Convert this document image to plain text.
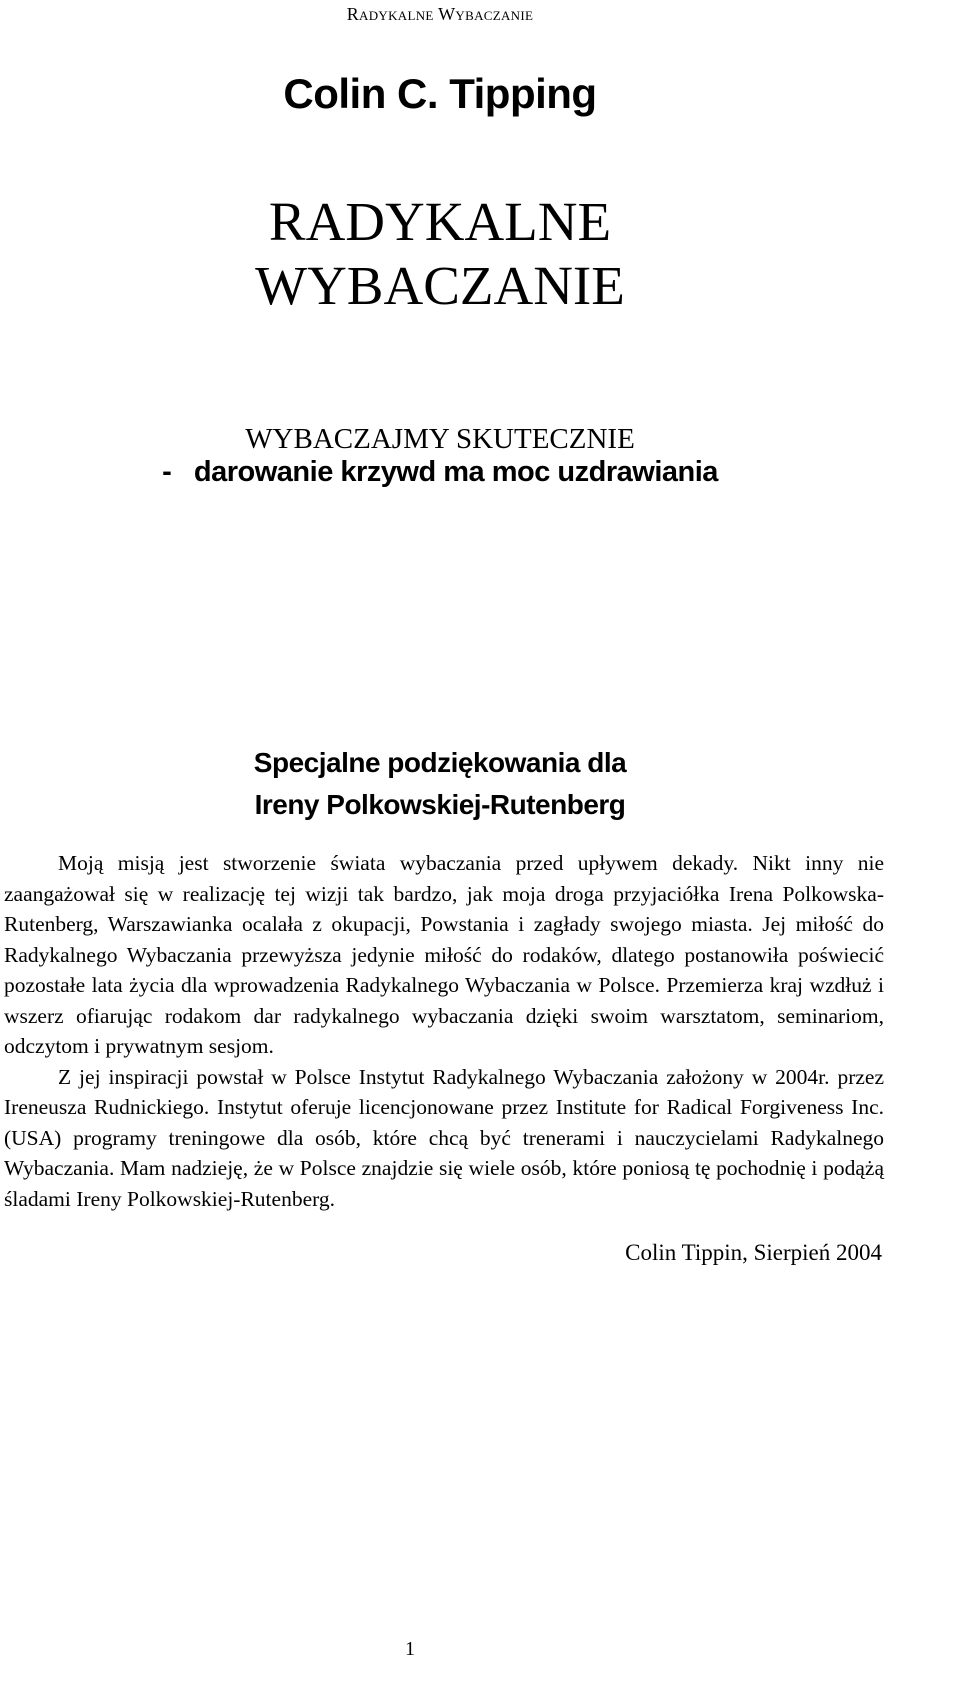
Radykalne Wybaczanie
Colin C. Tipping
RADYKALNE
WYBACZANIE
WYBACZAJMY SKUTECZNIE
-   darowanie krzywd ma moc uzdrawiania
Specjalne podziękowania dla
Ireny Polkowskiej-Rutenberg

Moją misją jest stworzenie świata wybaczania przed upływem dekady. Nikt inny nie zaangażował się w realizację tej wizji tak bardzo, jak moja droga przyjaciółka Irena Polkowska-Rutenberg, Warszawianka ocalała z okupacji, Powstania i zagłady swojego miasta. Jej miłość do Radykalnego Wybaczania przewyższa jedynie miłość do rodaków, dlatego postanowiła poświecić pozostałe lata życia dla wprowadzenia Radykalnego Wybaczania w Polsce. Przemierza kraj wzdłuż i wszerz ofiarując rodakom dar radykalnego wybaczania dzięki swoim warsztatom, seminariom, odczytom i prywatnym sesjom.

Z jej inspiracji powstał w Polsce Instytut Radykalnego Wybaczania założony w 2004r. przez Ireneusza Rudnickiego. Instytut oferuje licencjonowane przez Institute for Radical Forgiveness Inc. (USA) programy treningowe dla osób, które chcą być trenerami i nauczycielami Radykalnego Wybaczania. Mam nadzieję, że w Polsce znajdzie się wiele osób, które poniosą tę pochodnię i podążą śladami Ireny Polkowskiej-Rutenberg.

Colin Tippin, Sierpień 2004
1
